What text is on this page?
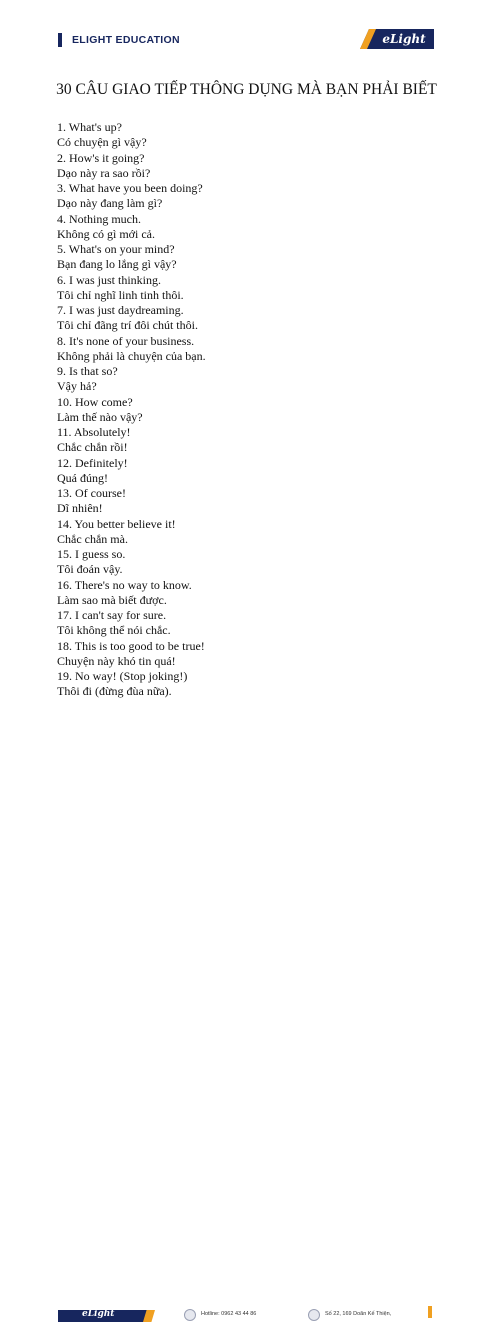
ELIGHT EDUCATION	eLight
30 CÂU GIAO TIẾP THÔNG DỤNG MÀ BẠN PHẢI BIẾT
1. What's up?
Có chuyện gì vậy?
2. How's it going?
Dạo này ra sao rồi?
3. What have you been doing?
Dạo này đang làm gì?
4. Nothing much.
Không có gì mới cả.
5. What's on your mind?
Bạn đang lo lắng gì vậy?
6. I was just thinking.
Tôi chỉ nghĩ linh tinh thôi.
7. I was just daydreaming.
Tôi chỉ đãng trí đôi chút thôi.
8. It's none of your business.
Không phải là chuyện của bạn.
9. Is that so?
Vậy hả?
10. How come?
Làm thế nào vậy?
11. Absolutely!
Chắc chắn rồi!
12. Definitely!
Quá đúng!
13. Of course!
Dĩ nhiên!
14. You better believe it!
Chắc chắn mà.
15. I guess so.
Tôi đoán vậy.
16. There's no way to know.
Làm sao mà biết được.
17. I can't say for sure.
Tôi không thể nói chắc.
18. This is too good to be true!
Chuyện này khó tin quá!
19. No way! (Stop joking!)
Thôi đi (đừng đùa nữa).
eLight	Hotline: 0962 43 44 86	Số 22, 169 Doãn Kế Thiện,
